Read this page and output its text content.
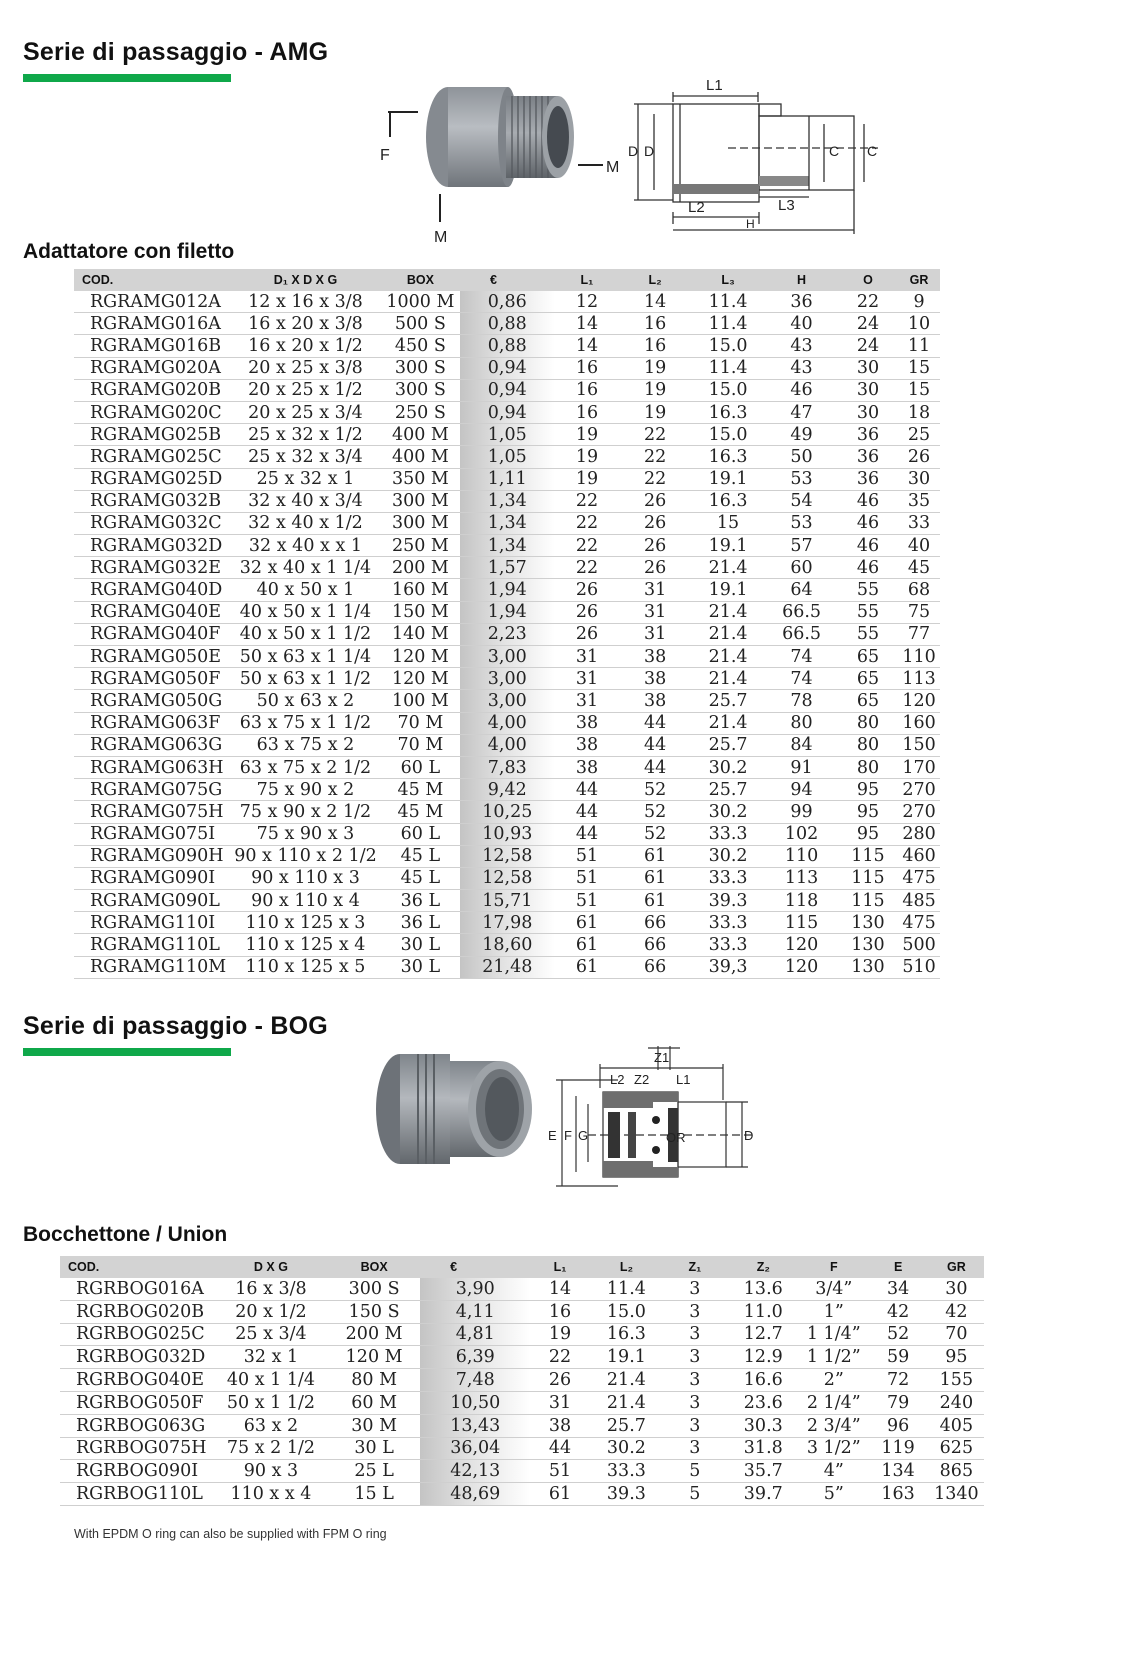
Serie di passaggio - AMG
F
M
M
L1
L2	L3
H
D D	C C
Adattatore con filetto
COD.	D₁ X D X G	BOX	€	L₁	L₂	L₃	H	O	GR
RGRAMG012A	12 x 16 x 3/8	1000 M	0,86	12	14	11.4	36	22	9
RGRAMG016A	16 x 20 x 3/8	500 S	0,88	14	16	11.4	40	24	10
RGRAMG016B	16 x 20 x 1/2	450 S	0,88	14	16	15.0	43	24	11
RGRAMG020A	20 x 25 x 3/8	300 S	0,94	16	19	11.4	43	30	15
RGRAMG020B	20 x 25 x 1/2	300 S	0,94	16	19	15.0	46	30	15
RGRAMG020C	20 x 25 x 3/4	250 S	0,94	16	19	16.3	47	30	18
RGRAMG025B	25 x 32 x 1/2	400 M	1,05	19	22	15.0	49	36	25
RGRAMG025C	25 x 32 x 3/4	400 M	1,05	19	22	16.3	50	36	26
RGRAMG025D	25 x 32 x 1	350 M	1,11	19	22	19.1	53	36	30
RGRAMG032B	32 x 40 x 3/4	300 M	1,34	22	26	16.3	54	46	35
RGRAMG032C	32 x 40 x 1/2	300 M	1,34	22	26	15	53	46	33
RGRAMG032D	32 x 40 x x 1	250 M	1,34	22	26	19.1	57	46	40
RGRAMG032E	32 x 40 x 1 1/4	200 M	1,57	22	26	21.4	60	46	45
RGRAMG040D	40 x 50 x 1	160 M	1,94	26	31	19.1	64	55	68
RGRAMG040E	40 x 50 x 1 1/4	150 M	1,94	26	31	21.4	66.5	55	75
RGRAMG040F	40 x 50 x 1 1/2	140 M	2,23	26	31	21.4	66.5	55	77
RGRAMG050E	50 x 63 x 1 1/4	120 M	3,00	31	38	21.4	74	65	110
RGRAMG050F	50 x 63 x 1 1/2	120 M	3,00	31	38	21.4	74	65	113
RGRAMG050G	50 x 63 x 2	100 M	3,00	31	38	25.7	78	65	120
RGRAMG063F	63 x 75 x 1 1/2	70 M	4,00	38	44	21.4	80	80	160
RGRAMG063G	63 x 75 x 2	70 M	4,00	38	44	25.7	84	80	150
RGRAMG063H	63 x 75 x 2 1/2	60 L	7,83	38	44	30.2	91	80	170
RGRAMG075G	75 x 90 x 2	45 M	9,42	44	52	25.7	94	95	270
RGRAMG075H	75 x 90 x 2 1/2	45 M	10,25	44	52	30.2	99	95	270
RGRAMG075I	75 x 90 x 3	60 L	10,93	44	52	33.3	102	95	280
RGRAMG090H	90 x 110 x 2 1/2	45 L	12,58	51	61	30.2	110	115	460
RGRAMG090I	90 x 110 x 3	45 L	12,58	51	61	33.3	113	115	475
RGRAMG090L	90 x 110 x 4	36 L	15,71	51	61	39.3	118	115	485
RGRAMG110I	110 x 125 x 3	36 L	17,98	61	66	33.3	115	130	475
RGRAMG110L	110 x 125 x 4	30 L	18,60	61	66	33.3	120	130	500
RGRAMG110M	110 x 125 x 5	30 L	21,48	61	66	39,3	120	130	510
Serie di passaggio - BOG
Z1
L2 Z2 L1
OR
E F G	D
Bocchettone / Union
COD.	D X G	BOX	€	L₁	L₂	Z₁	Z₂	F	E	GR
RGRBOG016A	16 x 3/8	300 S	3,90	14	11.4	3	13.6	3/4”	34	30
RGRBOG020B	20 x 1/2	150 S	4,11	16	15.0	3	11.0	1”	42	42
RGRBOG025C	25 x 3/4	200 M	4,81	19	16.3	3	12.7	1 1/4”	52	70
RGRBOG032D	32 x 1	120 M	6,39	22	19.1	3	12.9	1 1/2”	59	95
RGRBOG040E	40 x 1 1/4	80 M	7,48	26	21.4	3	16.6	2”	72	155
RGRBOG050F	50 x 1 1/2	60 M	10,50	31	21.4	3	23.6	2 1/4”	79	240
RGRBOG063G	63 x 2	30 M	13,43	38	25.7	3	30.3	2 3/4”	96	405
RGRBOG075H	75 x 2 1/2	30 L	36,04	44	30.2	3	31.8	3 1/2”	119	625
RGRBOG090I	90 x 3	25 L	42,13	51	33.3	5	35.7	4”	134	865
RGRBOG110L	110 x x 4	15 L	48,69	61	39.3	5	39.7	5”	163	1340

With EPDM O ring can also be supplied with FPM O ring
